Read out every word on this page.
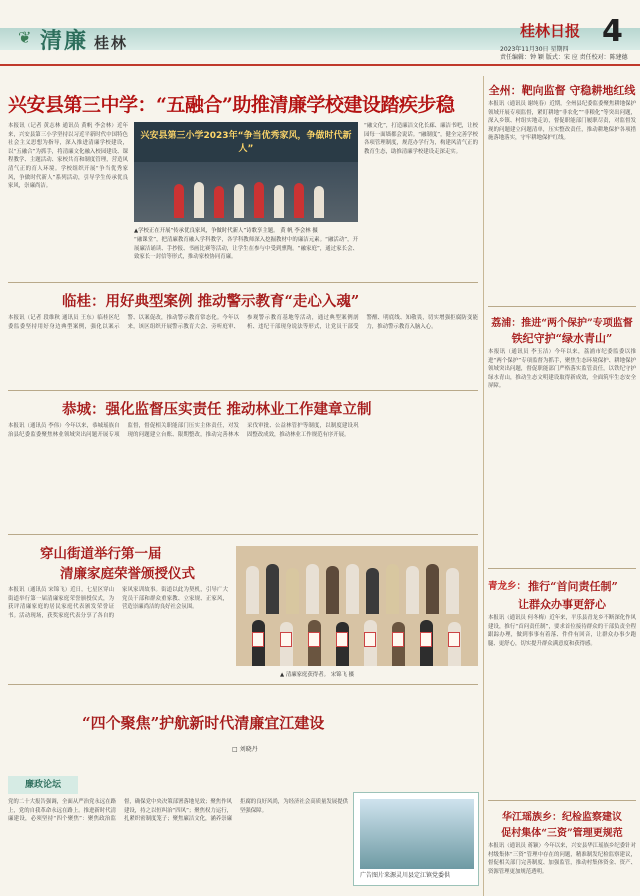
❦ 清廉 桂林
桂林日报 4
2023年11月30日 星期四
责任编辑：钟 颖 版式：宋 应 责任校对：陈建德
兴安县第三中学：“五融合”助推清廉学校建设踏疾步稳
本报讯（记者 黄志林 通讯员 黄帆 李会林）近年来，兴安县第三小学坚持以习近平新时代中国特色社会主义思想为指导，深入推进清廉学校建设，以“五融合”为抓手，将清廉文化融入校园建设、课程教学、主题活动、家校共育和制度管理，营造风清气正的育人环境。学校组织开展“争当优秀家风，争做时代新人”系列活动，引导学生传承优良家风，崇廉尚洁。
兴安县第三小学2023年“争当优秀家风，争做时代新人”
▲学校正在开展“传承优良家风，争做时代新人”诗歌享主题。 黄 帆 李会林 摄
“融课堂”，把清廉教育融入学科教学，各学科教师深入挖掘教材中的廉洁元素。“融活动”，开展廉洁诵读、手抄报、书画比赛等活动，让学生在参与中受到熏陶。“融家庭”，通过家长会、致家长一封信等形式，推动家校协同育廉。
“融文化”，打造廉洁文化长廊、廉洁书吧，让校园每一面墙都会说话。“融制度”，健全完善学校各项管理制度，规范办学行为，构建风清气正的教育生态，助推清廉学校建设走深走实。
临桂：用好典型案例 推动警示教育“走心入魂”
本报讯（记者 段维秋 通讯员 王东）临桂区纪委监委坚持用好身边典型案例，强化以案示警、以案促改，推动警示教育常态化。今年以来，该区组织开展警示教育大会、旁听庭审、参观警示教育基地等活动，通过典型案例剖析、违纪干部现身说法等形式，让党员干部受警醒、明底线、知敬畏，切实增强拒腐防变能力，推动警示教育入脑入心。
恭城：强化监督压实责任 推动林业工作建章立制
本报讯（通讯员 李伟）今年以来，恭城瑶族自治县纪委监委聚焦林业领域突出问题开展专项监督，督促相关职能部门压实主体责任，对发现的问题建立台账、限期整改，推动完善林木采伐审批、公益林管护等制度，以制度建设巩固整改成效，推动林业工作规范有序开展。
穿山街道举行第一届
清廉家庭荣誉颁授仪式
本报讯（通讯员 宋锦飞）近日，七星区穿山街道举行第一届清廉家庭荣誉颁授仪式，为获评清廉家庭的居民家庭代表颁发荣誉证书。活动现场，获奖家庭代表分享了各自的家风家训故事。街道以此为契机，引导广大党员干部和群众重家教、立家规、正家风，营造崇廉尚洁的良好社会氛围。
▲ 清廉家庭获得者。 宋锦飞 摄
“四个聚焦”护航新时代清廉宜江建设
□ 刘晓丹
廉政论坛
党的二十大报告强调，全面从严治党永远在路上，党的自我革命永远在路上。推进新时代清廉建设，必须坚持“四个聚焦”：聚焦政治监督，确保党中央决策部署落地见效；聚焦作风建设，持之以恒纠治“四风”；聚焦权力运行，扎紧织密制度笼子；聚焦廉洁文化，涵养崇廉拒腐的良好风尚，为经济社会高质量发展提供坚强保障。
广告图片来源灵川县定江镇党委供
全州：靶向监督 守稳耕地红线
本报讯（通讯员 谢纯春）近期，全州县纪委监委聚焦耕地保护领域开展专项监督，紧盯耕地“非农化”“非粮化”等突出问题，深入乡镇、村组实地走访，督促职能部门履职尽责，对监督发现的问题建立问题清单，压实整改责任，推动耕地保护各项措施落地落实，守牢耕地保护红线。
荔浦：推进“两个保护”专项监督
铁纪守护“绿水青山”
本报讯（通讯员 李玉洁）今年以来，荔浦市纪委监委以推进“两个保护”专项监督为抓手，聚焦生态环境保护、耕地保护领域突出问题，督促职能部门严格落实监管责任，以铁纪守护绿水青山，推动生态文明建设取得新成效，全面筑牢生态安全屏障。
青龙乡： 推行“首问责任制”
让群众办事更舒心
本报讯（通讯员 何冬梅）近年来，平乐县青龙乡不断深化作风建设，推行“首问责任制”，要求首位接待群众的干部负责全程跟踪办理，做到事事有着落、件件有回音，让群众办事少跑腿、更舒心，切实提升群众满意度和获得感。
华江瑶族乡：纪检监察建议
促村集体“三资”管理更规范
本报讯（通讯员 蒋颖）今年以来，兴安县华江瑶族乡纪委针对村级集体“三资”管理中存在的问题，精准制发纪检监察建议，督促相关部门完善制度、加强监管，推动村集体资金、资产、资源管理更加规范透明。
